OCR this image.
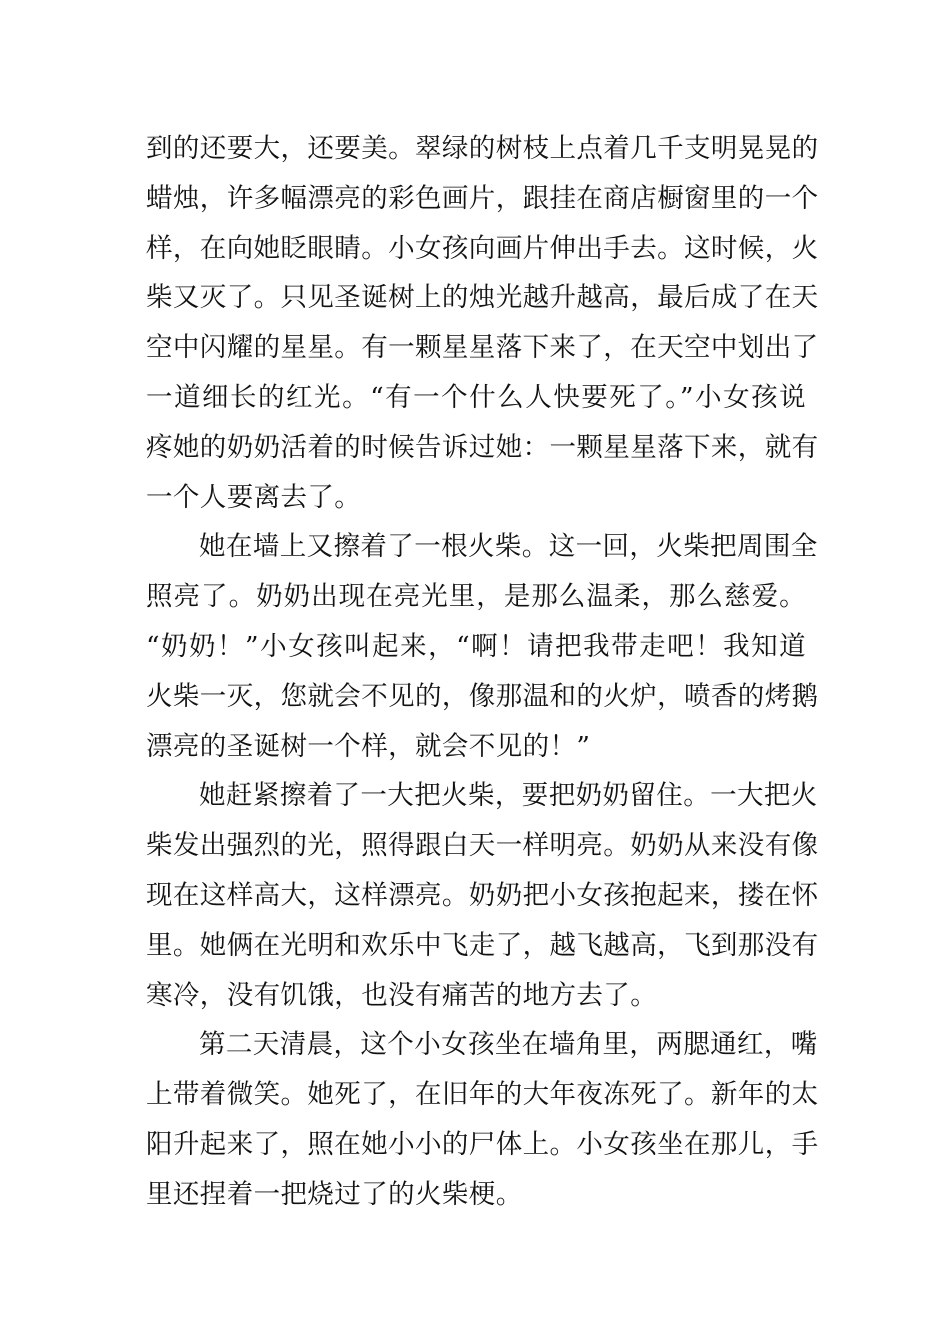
到的还要大，还要美。翠绿的树枝上点着几千支明晃晃的
蜡烛，许多幅漂亮的彩色画片，跟挂在商店橱窗里的一个
样，在向她眨眼睛。小女孩向画片伸出手去。这时候，火
柴又灭了。只见圣诞树上的烛光越升越高，最后成了在天
空中闪耀的星星。有一颗星星落下来了，在天空中划出了
一道细长的红光。“有一个什么人快要死了。”小女孩说
疼她的奶奶活着的时候告诉过她：一颗星星落下来，就有
一个人要离去了。

她在墙上又擦着了一根火柴。这一回，火柴把周围全
照亮了。奶奶出现在亮光里，是那么温柔，那么慈爱。
“奶奶！”小女孩叫起来，“啊！请把我带走吧！我知道
火柴一灭，您就会不见的，像那温和的火炉，喷香的烤鹅
漂亮的圣诞树一个样，就会不见的！”

她赶紧擦着了一大把火柴，要把奶奶留住。一大把火
柴发出强烈的光，照得跟白天一样明亮。奶奶从来没有像
现在这样高大，这样漂亮。奶奶把小女孩抱起来，搂在怀
里。她俩在光明和欢乐中飞走了，越飞越高，飞到那没有
寒冷，没有饥饿，也没有痛苦的地方去了。

第二天清晨，这个小女孩坐在墙角里，两腮通红，嘴
上带着微笑。她死了，在旧年的大年夜冻死了。新年的太
阳升起来了，照在她小小的尸体上。小女孩坐在那儿，手
里还捏着一把烧过了的火柴梗。
